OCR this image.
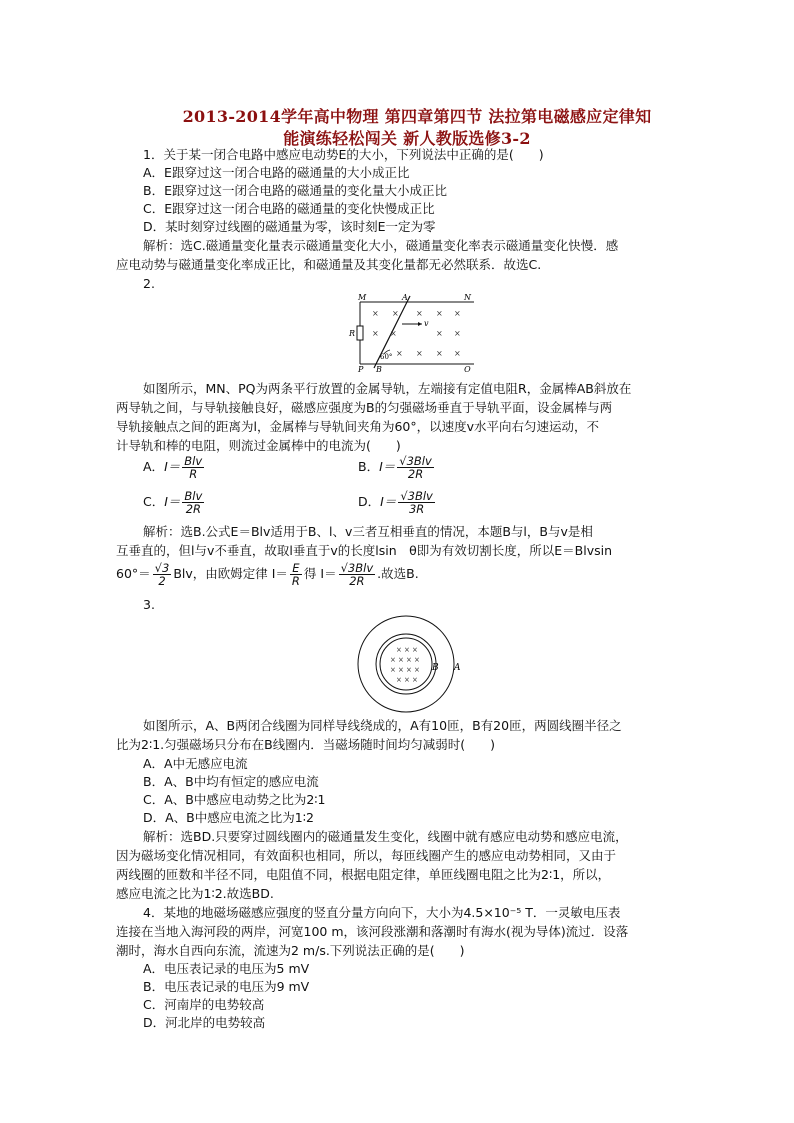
2013-2014学年高中物理 第四章第四节 法拉第电磁感应定律知
能演练轻松闯关 新人教版选修3-2
1．关于某一闭合电路中感应电动势E的大小，下列说法中正确的是(　　)
A．E跟穿过这一闭合电路的磁通量的大小成正比
B．E跟穿过这一闭合电路的磁通量的变化量大小成正比
C．E跟穿过这一闭合电路的磁通量的变化快慢成正比
D．某时刻穿过线圈的磁通量为零，该时刻E一定为零
解析：选C.磁通量变化量表示磁通量变化大小，磁通量变化率表示磁通量变化快慢．感
应电动势与磁通量变化率成正比，和磁通量及其变化量都无必然联系．故选C.
2.
M	A	N
R
v
60°
P B	Q
× × × × ×
× ×	× ×
× × × ×
如图所示，MN、PQ为两条平行放置的金属导轨，左端接有定值电阻R，金属棒AB斜放在
两导轨之间，与导轨接触良好，磁感应强度为B的匀强磁场垂直于导轨平面，设金属棒与两
导轨接触点之间的距离为l，金属棒与导轨间夹角为60°，以速度v水平向右匀速运动，不
计导轨和棒的电阻，则流过金属棒中的电流为(　　)
A．$I= \frac{\text{Blv}}{R}$	B．$I= \frac{\text{√3Blv}}{2R}$
C．$I= \frac{\text{Blv}}{2R}$	D．$I= \frac{\text{√3Blv}}{3R}$
解析：选B.公式E＝Blv适用于B、l、v三者互相垂直的情况，本题B与l，B与v是相
互垂直的，但l与v不垂直，故取l垂直于v的长度lsin　θ即为有效切割长度，所以E＝Blvsin
$60^\circ= \frac{√3}{2}$ Blv，由欧姆定律 $I= \frac{E}{R}$ 得 $I= \frac{\text{√3Blv}}{2R}$ .故选B.
3.
B A
× × ×
× × × ×
× × × ×
× × ×
如图所示，A、B两闭合线圈为同样导线绕成的，A有10匝，B有20匝，两圆线圈半径之
比为2∶1.匀强磁场只分布在B线圈内．当磁场随时间均匀减弱时(　　)
A．A中无感应电流
B．A、B中均有恒定的感应电流
C．A、B中感应电动势之比为2∶1
D．A、B中感应电流之比为1∶2
解析：选BD.只要穿过圆线圈内的磁通量发生变化，线圈中就有感应电动势和感应电流，
因为磁场变化情况相同，有效面积也相同，所以，每匝线圈产生的感应电动势相同，又由于
两线圈的匝数和半径不同，电阻值不同，根据电阻定律，单匝线圈电阻之比为2∶1，所以，
感应电流之比为1∶2.故选BD.
4．某地的地磁场磁感应强度的竖直分量方向向下，大小为4.5×10⁻⁵ T．一灵敏电压表
连接在当地入海河段的两岸，河宽100 m，该河段涨潮和落潮时有海水(视为导体)流过．设落
潮时，海水自西向东流，流速为2 m/s.下列说法正确的是(　　)
A．电压表记录的电压为5 mV
B．电压表记录的电压为9 mV
C．河南岸的电势较高
D．河北岸的电势较高
